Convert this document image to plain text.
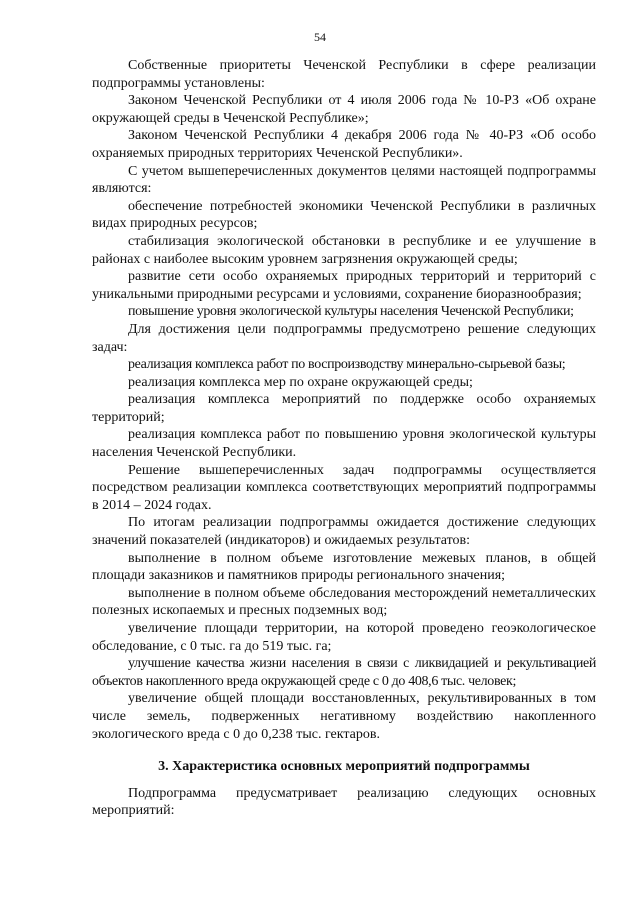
54

Собственные приоритеты Чеченской Республики в сфере реализации подпрограммы установлены:

Законом Чеченской Республики от 4 июля 2006 года № 10-РЗ «Об охране окружающей среды в Чеченской Республике»;

Законом Чеченской Республики 4 декабря 2006 года № 40-РЗ «Об особо охраняемых природных территориях Чеченской Республики».

С учетом вышеперечисленных документов целями настоящей подпрограммы являются:

обеспечение потребностей экономики Чеченской Республики в различных видах природных ресурсов;

стабилизация экологической обстановки в республике и ее улучшение в районах с наиболее высоким уровнем загрязнения окружающей среды;

развитие сети особо охраняемых природных территорий и территорий с уникальными природными ресурсами и условиями, сохранение биоразнообразия;

повышение уровня экологической культуры населения Чеченской Республики;

Для достижения цели подпрограммы предусмотрено решение следующих задач:

реализация комплекса работ по воспроизводству минерально-сырьевой базы;

реализация комплекса мер по охране окружающей среды;

реализация комплекса мероприятий по поддержке особо охраняемых территорий;

реализация комплекса работ по повышению уровня экологической культуры населения Чеченской Республики.

Решение вышеперечисленных задач подпрограммы осуществляется посредством реализации комплекса соответствующих мероприятий подпрограммы в 2014 – 2024 годах.

По итогам реализации подпрограммы ожидается достижение следующих значений показателей (индикаторов) и ожидаемых результатов:

выполнение в полном объеме изготовление межевых планов, в общей площади заказников и памятников природы регионального значения;

выполнение в полном объеме обследования месторождений неметаллических полезных ископаемых и пресных подземных вод;

увеличение площади территории, на которой проведено геоэкологическое обследование, с 0 тыс. га до 519 тыс. га;

улучшение качества жизни населения в связи с ликвидацией и рекультивацией объектов накопленного вреда окружающей среде с 0 до 408,6 тыс. человек;

увеличение общей площади восстановленных, рекультивированных в том числе земель, подверженных негативному воздействию накопленного экологического вреда с 0 до 0,238 тыс. гектаров.

3. Характеристика основных мероприятий подпрограммы

Подпрограмма предусматривает реализацию следующих основных мероприятий:
